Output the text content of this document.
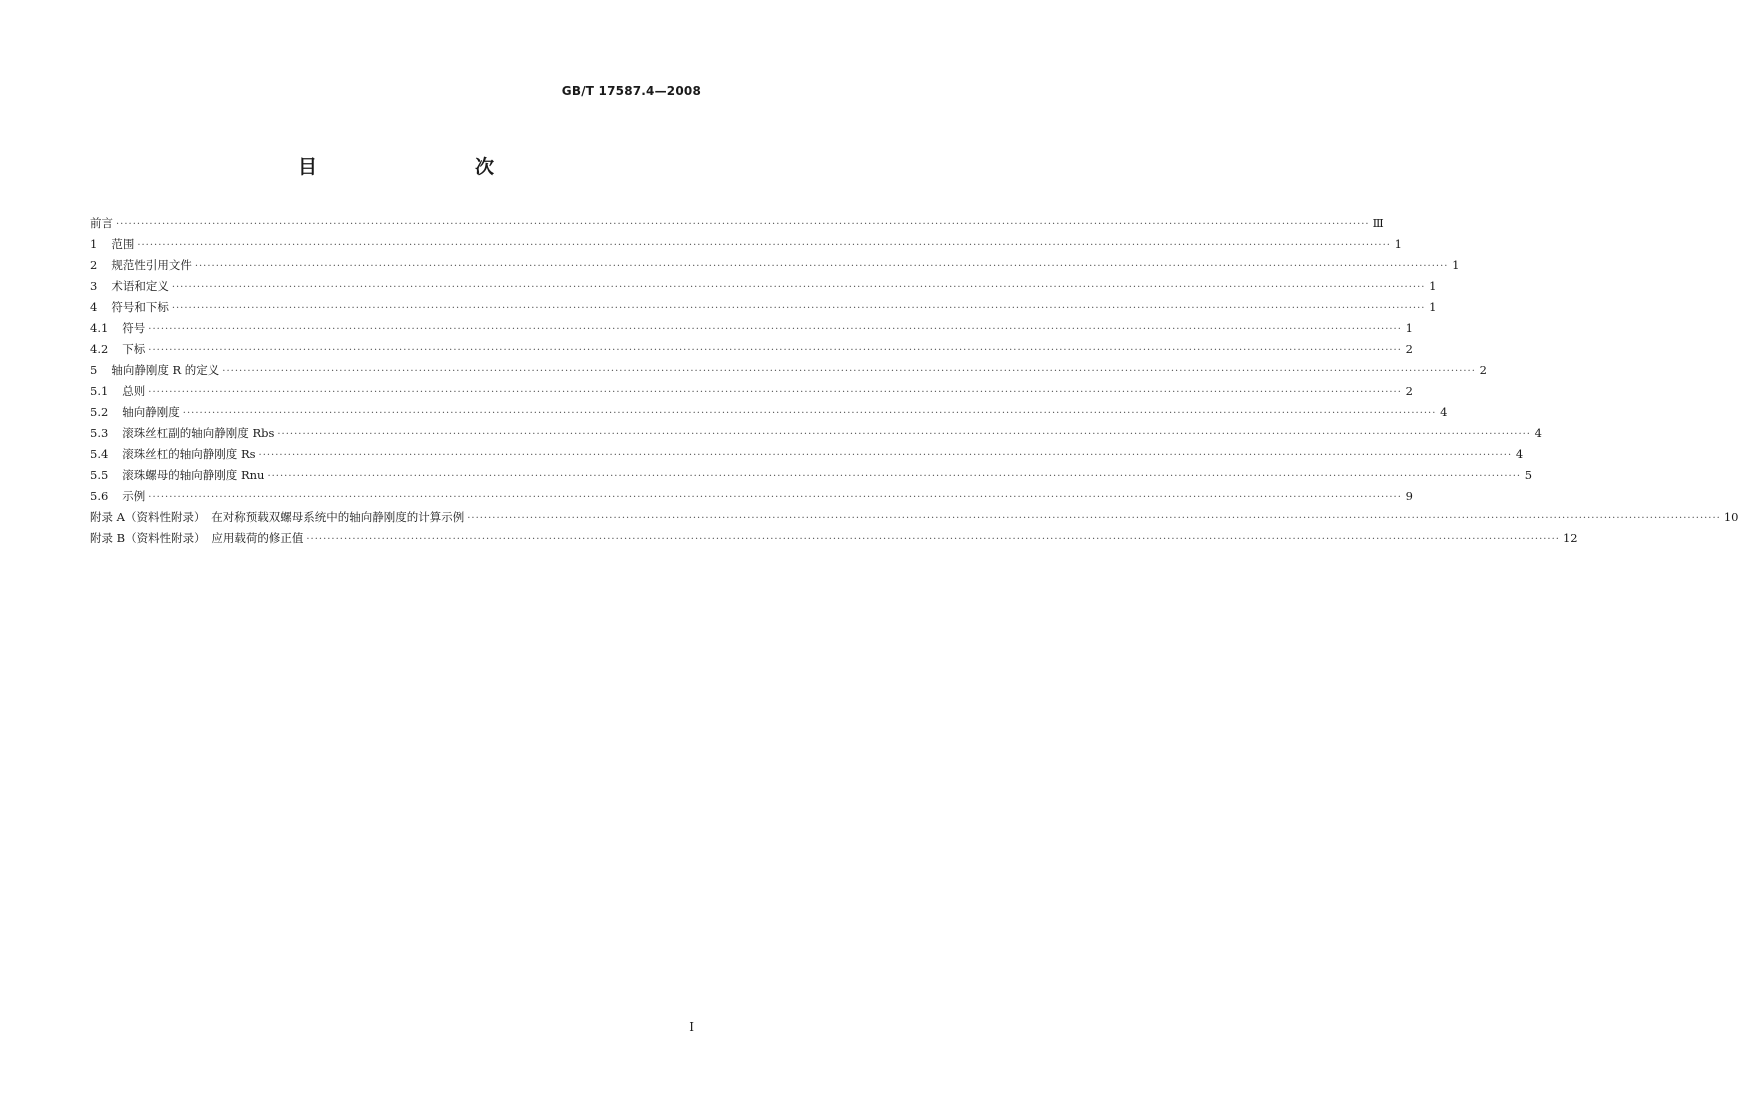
GB/T 17587.4—2008
目　　次
前言 ············································································································································································································································································································ Ⅲ
1 范围 ············································································································································································································································································································ 1
2 规范性引用文件 ············································································································································································································································································································ 1
3 术语和定义 ············································································································································································································································································································ 1
4 符号和下标 ············································································································································································································································································································ 1
4.1 符号 ············································································································································································································································································································ 1
4.2 下标 ············································································································································································································································································································ 2
5 轴向静刚度 R 的定义 ············································································································································································································································································································ 2
5.1 总则 ············································································································································································································································································································ 2
5.2 轴向静刚度 ············································································································································································································································································································ 4
5.3 滚珠丝杠副的轴向静刚度 Rbs ············································································································································································································································································································ 4
5.4 滚珠丝杠的轴向静刚度 Rs ············································································································································································································································································································ 4
5.5 滚珠螺母的轴向静刚度 Rnu ············································································································································································································································································································ 5
5.6 示例 ············································································································································································································································································································ 9
附录 A（资料性附录）　在对称预载双螺母系统中的轴向静刚度的计算示例 ············································································································································································································································································································ 10
附录 B（资料性附录）　应用载荷的修正值 ············································································································································································································································································································ 12
I
